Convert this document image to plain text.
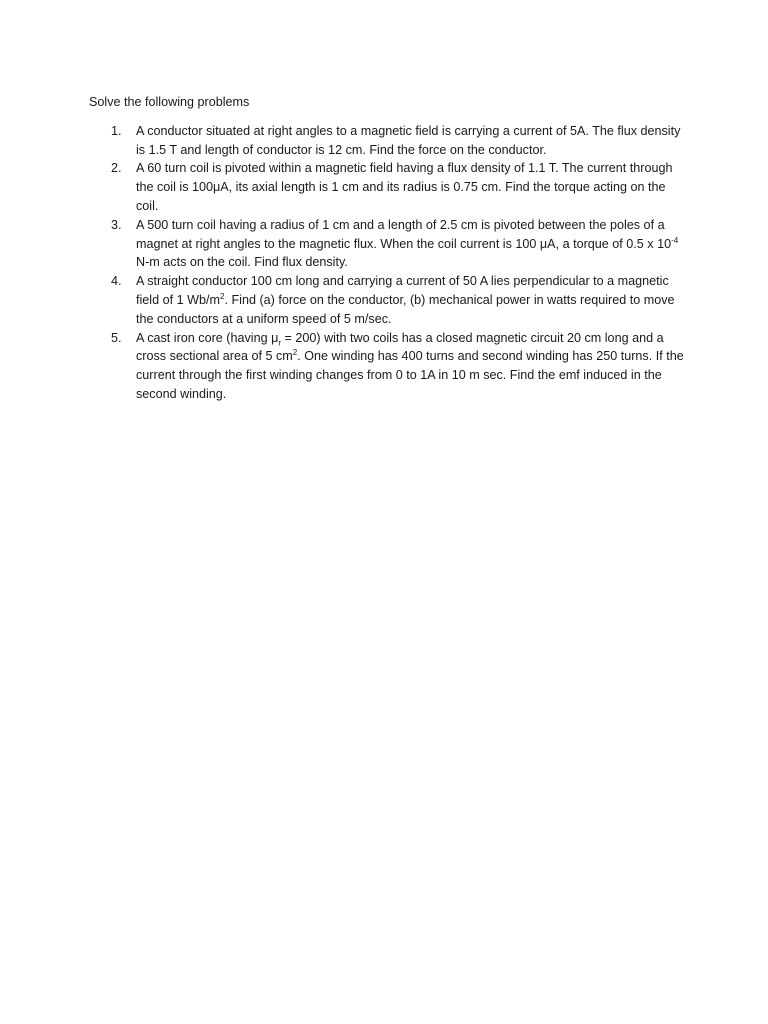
Solve the following problems

1. A conductor situated at right angles to a magnetic field is carrying a current of 5A. The flux density is 1.5 T and length of conductor is 12 cm. Find the force on the conductor.
2. A 60 turn coil is pivoted within a magnetic field having a flux density of 1.1 T. The current through the coil is 100μA, its axial length is 1 cm and its radius is 0.75 cm. Find the torque acting on the coil.
3. A 500 turn coil having a radius of 1 cm and a length of 2.5 cm is pivoted between the poles of a magnet at right angles to the magnetic flux. When the coil current is 100 μA, a torque of 0.5 x $10^{-4}$ N-m acts on the coil. Find flux density.
4. A straight conductor 100 cm long and carrying a current of 50 A lies perpendicular to a magnetic field of 1 $Wb/m^2$. Find (a) force on the conductor, (b) mechanical power in watts required to move the conductors at a uniform speed of 5 m/sec.
5. A cast iron core (having $\mu_r = 200$) with two coils has a closed magnetic circuit 20 cm long and a cross sectional area of 5 $cm^2$. One winding has 400 turns and second winding has 250 turns. If the current through the first winding changes from 0 to 1A in 10 m sec. Find the emf induced in the second winding.
